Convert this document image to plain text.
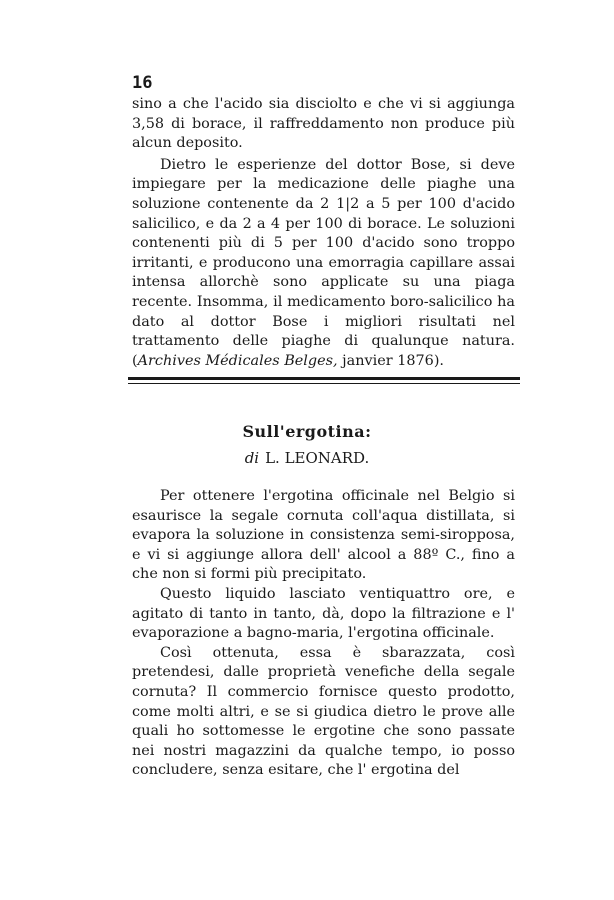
16

sino a che l'acido sia disciolto e che vi si aggiunga 3,58 di borace, il raffreddamento non produce più alcun deposito.

Dietro le esperienze del dottor Bose, si deve impiegare per la medicazione delle piaghe una soluzione contenente da 2 1|2 a 5 per 100 d'acido salicilico, e da 2 a 4 per 100 di borace. Le soluzioni contenenti più di 5 per 100 d'acido sono troppo irritanti, e producono una emorragia capillare assai intensa allorchè sono applicate su una piaga recente. Insomma, il medicamento boro-salicilico ha dato al dottor Bose i migliori risultati nel trattamento delle piaghe di qualunque natura. (Archives Médicales Belges, janvier 1876).

Sull'ergotina:
di L. LEONARD.

Per ottenere l'ergotina officinale nel Belgio si esaurisce la segale cornuta coll'aqua distillata, si evapora la soluzione in consistenza semi-siropposa, e vi si aggiunge allora dell' alcool a 88º C., fino a che non si formi più precipitato.

Questo liquido lasciato ventiquattro ore, e agitato di tanto in tanto, dà, dopo la filtrazione e l' evaporazione a bagno-maria, l'ergotina officinale.

Così ottenuta, essa è sbarazzata, così pretendesi, dalle proprietà venefiche della segale cornuta? Il commercio fornisce questo prodotto, come molti altri, e se si giudica dietro le prove alle quali ho sottomesse le ergotine che sono passate nei nostri magazzini da qualche tempo, io posso concludere, senza esitare, che l' ergotina del
